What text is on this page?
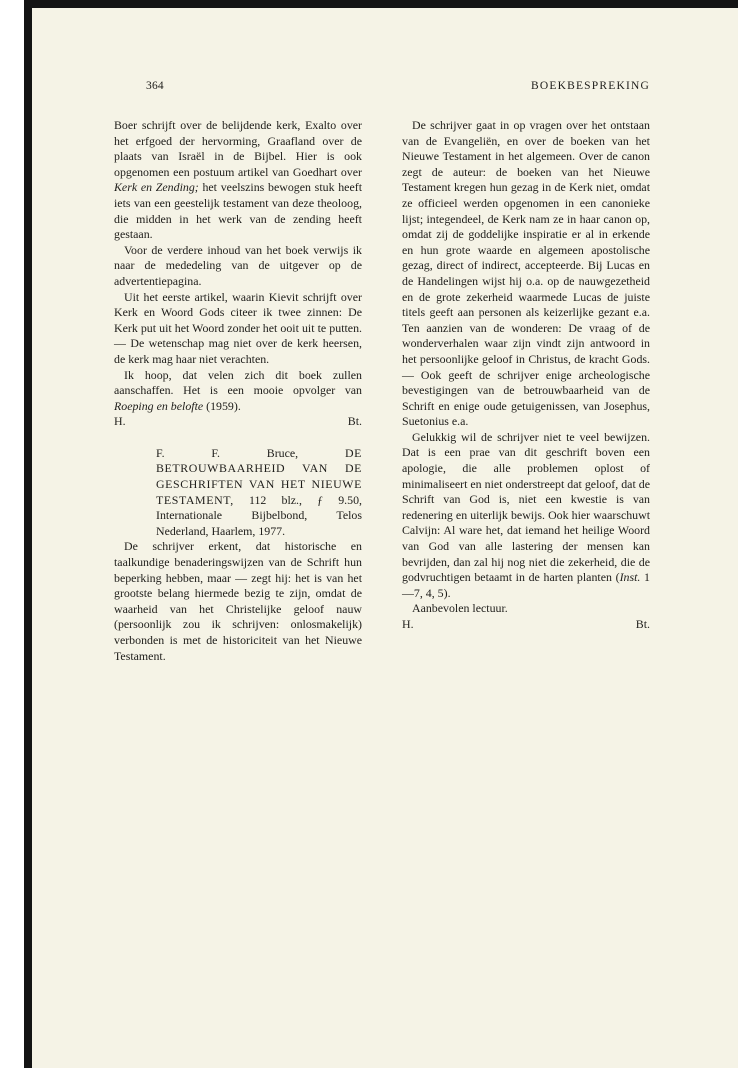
364	BOEKBESPREKING

Boer schrijft over de belijdende kerk, Exalto over het erfgoed der hervorming, Graafland over de plaats van Israël in de Bijbel. Hier is ook opgenomen een postuum artikel van Goedhart over Kerk en Zending; het veelszins bewogen stuk heeft iets van een geestelijk testament van deze theoloog, die midden in het werk van de zending heeft gestaan.

Voor de verdere inhoud van het boek verwijs ik naar de mededeling van de uitgever op de advertentiepagina.

Uit het eerste artikel, waarin Kievit schrijft over Kerk en Woord Gods citeer ik twee zinnen: De Kerk put uit het Woord zonder het ooit uit te putten. — De wetenschap mag niet over de kerk heersen, de kerk mag haar niet verachten.

Ik hoop, dat velen zich dit boek zullen aanschaffen. Het is een mooie opvolger van Roeping en belofte (1959).

H.	Bt.
F. F. Bruce,	DE BETROUWBAARHEID VAN DE GESCHRIFTEN VAN HET NIEUWE TESTAMENT, 112 blz., ƒ 9.50, Internationale Bijbelbond, Telos Nederland, Haarlem, 1977.

De schrijver erkent, dat historische en taalkundige benaderingswijzen van de Schrift hun beperking hebben, maar — zegt hij: het is van het grootste belang hiermede bezig te zijn, omdat de waarheid van het Christelijke geloof nauw (persoonlijk zou ik schrijven: onlosmakelijk) verbonden is met de historiciteit van het Nieuwe Testament.

De schrijver gaat in op vragen over het ontstaan van de Evangeliën, en over de boeken van het Nieuwe Testament in het algemeen. Over de canon zegt de auteur: de boeken van het Nieuwe Testament kregen hun gezag in de Kerk niet, omdat ze officieel werden opgenomen in een canonieke lijst; integendeel, de Kerk nam ze in haar canon op, omdat zij de goddelijke inspiratie er al in erkende en hun grote waarde en algemeen apostolische gezag, direct of indirect, accepteerde. Bij Lucas en de Handelingen wijst hij o.a. op de nauwgezetheid en de grote zekerheid waarmede Lucas de juiste titels geeft aan personen als keizerlijke gezant e.a. Ten aanzien van de wonderen: De vraag of de wonderverhalen waar zijn vindt zijn antwoord in het persoonlijke geloof in Christus, de kracht Gods. — Ook geeft de schrijver enige archeologische bevestigingen van de betrouwbaarheid van de Schrift en enige oude getuigenissen, van Josephus, Suetonius e.a.

Gelukkig wil de schrijver niet te veel bewijzen. Dat is een prae van dit geschrift boven een apologie, die alle problemen oplost of minimaliseert en niet onderstreept dat geloof, dat de Schrift van God is, niet een kwestie is van redenering en uiterlijk bewijs. Ook hier waarschuwt Calvijn: Al ware het, dat iemand het heilige Woord van God van alle lastering der mensen kan bevrijden, dan zal hij nog niet die zekerheid, die de godvruchtigen betaamt in de harten planten (Inst. 1—7, 4, 5).

Aanbevolen lectuur.

H.	Bt.
